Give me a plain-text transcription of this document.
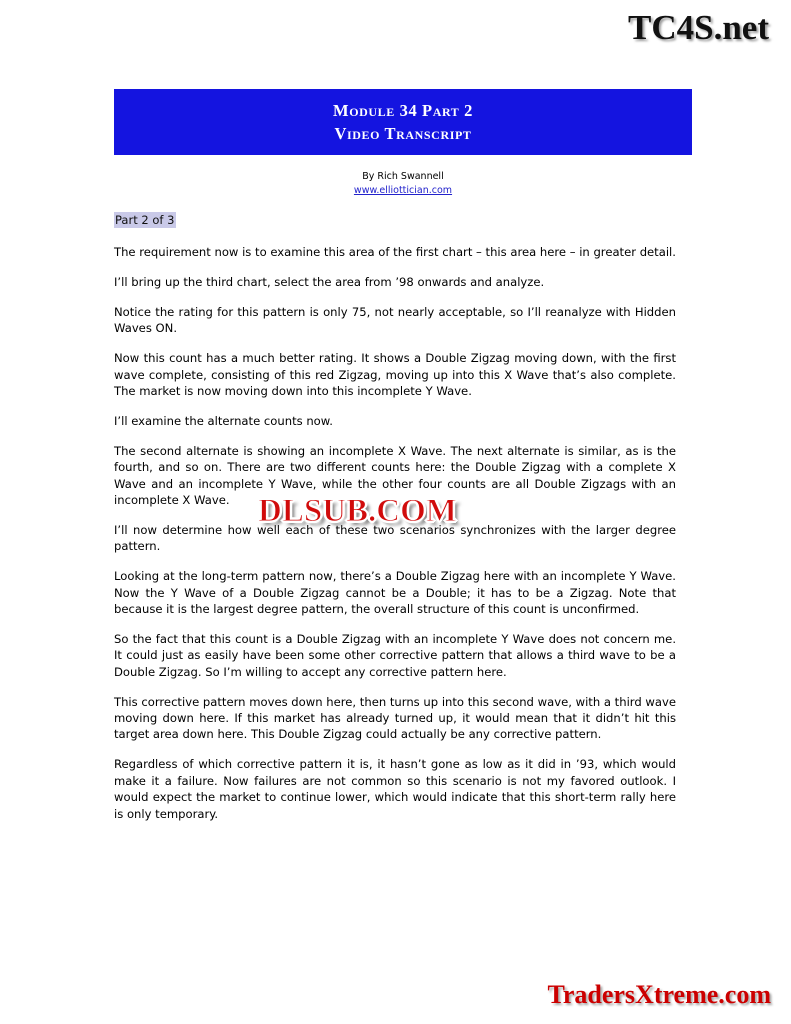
TC4S.net
Module 34 Part 2
Video Transcript
By Rich Swannell
www.elliottician.com
Part 2 of 3

The requirement now is to examine this area of the first chart – this area here – in greater detail.

I’ll bring up the third chart, select the area from ’98 onwards and analyze.

Notice the rating for this pattern is only 75, not nearly acceptable, so I’ll reanalyze with Hidden Waves ON.

Now this count has a much better rating. It shows a Double Zigzag moving down, with the first wave complete, consisting of this red Zigzag, moving up into this X Wave that’s also complete. The market is now moving down into this incomplete Y Wave.

I’ll examine the alternate counts now.

The second alternate is showing an incomplete X Wave. The next alternate is similar, as is the fourth, and so on. There are two different counts here: the Double Zigzag with a complete X Wave and an incomplete Y Wave, while the other four counts are all Double Zigzags with an incomplete X Wave.

I’ll now determine how well each of these two scenarios synchronizes with the larger degree pattern.

Looking at the long-term pattern now, there’s a Double Zigzag here with an incomplete Y Wave. Now the Y Wave of a Double Zigzag cannot be a Double; it has to be a Zigzag. Note that because it is the largest degree pattern, the overall structure of this count is unconfirmed.

So the fact that this count is a Double Zigzag with an incomplete Y Wave does not concern me. It could just as easily have been some other corrective pattern that allows a third wave to be a Double Zigzag. So I’m willing to accept any corrective pattern here.

This corrective pattern moves down here, then turns up into this second wave, with a third wave moving down here. If this market has already turned up, it would mean that it didn’t hit this target area down here. This Double Zigzag could actually be any corrective pattern.

Regardless of which corrective pattern it is, it hasn’t gone as low as it did in ’93, which would make it a failure. Now failures are not common so this scenario is not my favored outlook. I would expect the market to continue lower, which would indicate that this short-term rally here is only temporary.

DLSUB.COM
TradersXtreme.com
